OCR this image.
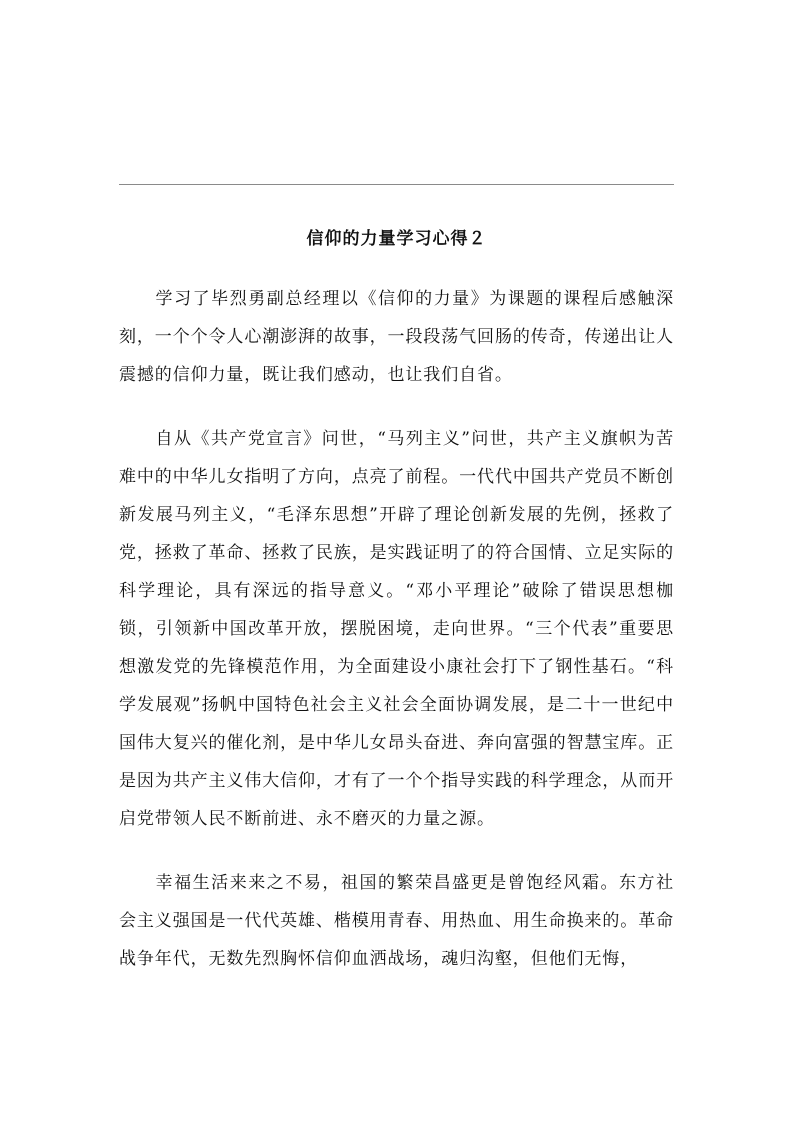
信仰的力量学习心得２

学习了毕烈勇副总经理以《信仰的力量》为课题的课程后感触深刻，一个个令人心潮澎湃的故事，一段段荡气回肠的传奇，传递出让人震撼的信仰力量，既让我们感动，也让我们自省。

自从《共产党宣言》问世，“马列主义”问世，共产主义旗帜为苦难中的中华儿女指明了方向，点亮了前程。一代代中国共产党员不断创新发展马列主义，“毛泽东思想”开辟了理论创新发展的先例，拯救了党，拯救了革命、拯救了民族，是实践证明了的符合国情、立足实际的科学理论，具有深远的指导意义。“邓小平理论”破除了错误思想枷锁，引领新中国改革开放，摆脱困境，走向世界。“三个代表”重要思想激发党的先锋模范作用，为全面建设小康社会打下了钢性基石。“科学发展观”扬帆中国特色社会主义社会全面协调发展，是二十一世纪中国伟大复兴的催化剂，是中华儿女昂头奋进、奔向富强的智慧宝库。正是因为共产主义伟大信仰，才有了一个个指导实践的科学理念，从而开启党带领人民不断前进、永不磨灭的力量之源。

幸福生活来来之不易，祖国的繁荣昌盛更是曾饱经风霜。东方社会主义强国是一代代英雄、楷模用青春、用热血、用生命换来的。革命战争年代，无数先烈胸怀信仰血洒战场，魂归沟壑，但他们无悔，
